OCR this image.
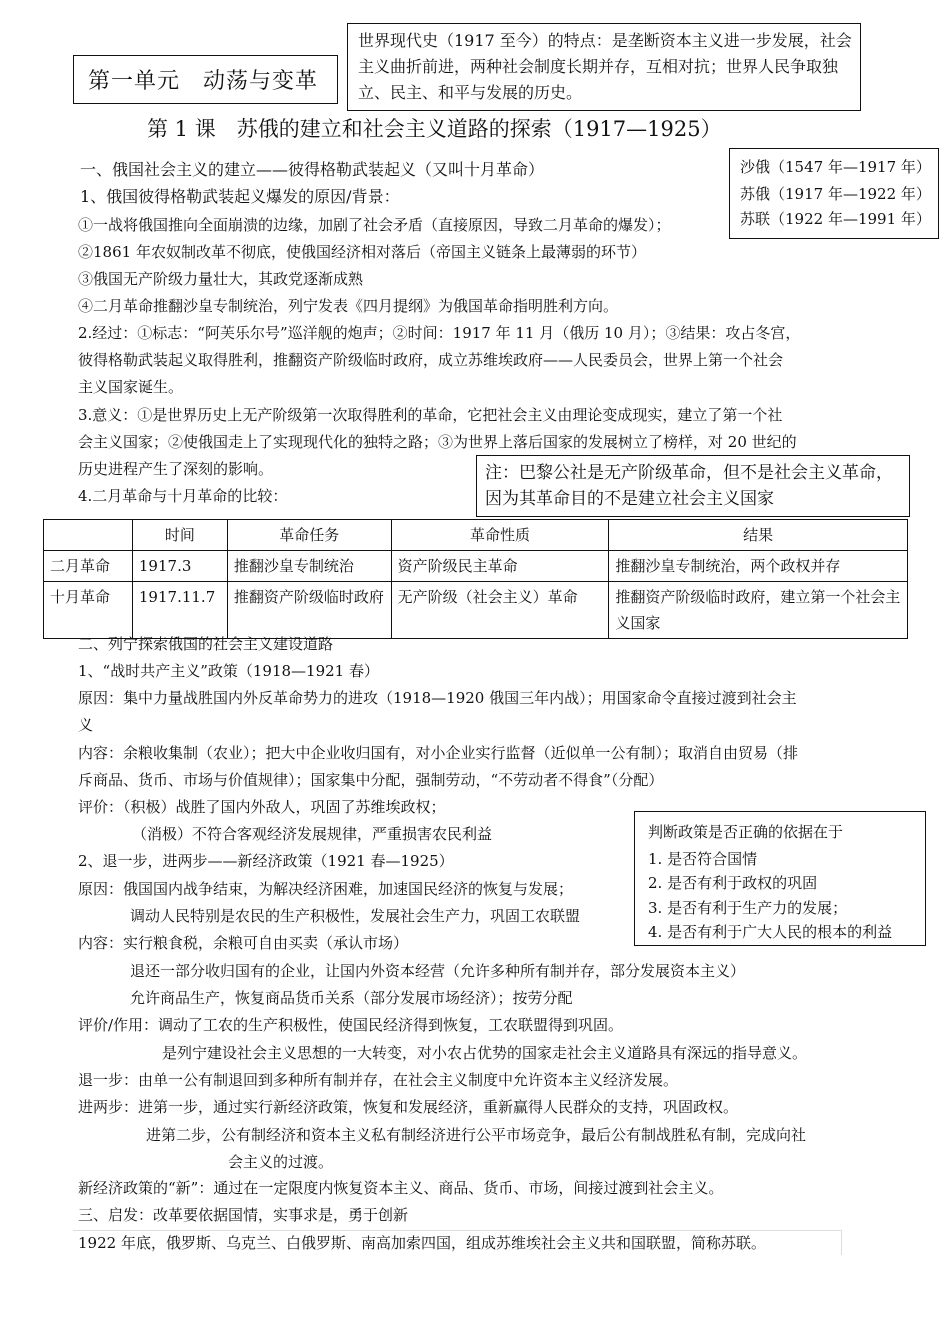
第一单元　动荡与变革
世界现代史（1917 至今）的特点：是垄断资本主义进一步发展，社会主义曲折前进，两种社会制度长期并存，互相对抗；世界人民争取独立、民主、和平与发展的历史。
第 1 课　苏俄的建立和社会主义道路的探索（1917—1925）
沙俄（1547 年—1917 年）
苏俄（1917 年—1922 年）
苏联（1922 年—1991 年）
一、俄国社会主义的建立——彼得格勒武装起义（又叫十月革命）
1、俄国彼得格勒武装起义爆发的原因/背景：
①一战将俄国推向全面崩溃的边缘，加剧了社会矛盾（直接原因，导致二月革命的爆发）；
②1861 年农奴制改革不彻底，使俄国经济相对落后（帝国主义链条上最薄弱的环节）
③俄国无产阶级力量壮大，其政党逐渐成熟
④二月革命推翻沙皇专制统治，列宁发表《四月提纲》为俄国革命指明胜利方向。
2.经过：①标志：“阿芙乐尔号”巡洋舰的炮声；②时间：1917 年 11 月（俄历 10 月）；③结果：攻占冬宫，
彼得格勒武装起义取得胜利，推翻资产阶级临时政府，成立苏维埃政府——人民委员会，世界上第一个社会
主义国家诞生。
3.意义：①是世界历史上无产阶级第一次取得胜利的革命，它把社会主义由理论变成现实，建立了第一个社
会主义国家；②使俄国走上了实现现代化的独特之路；③为世界上落后国家的发展树立了榜样，对 20 世纪的
历史进程产生了深刻的影响。
4.二月革命与十月革命的比较：
注：巴黎公社是无产阶级革命，但不是社会主义革命，因为其革命目的不是建立社会主义国家
	时间	革命任务	革命性质	结果
二月革命	1917.3	推翻沙皇专制统治	资产阶级民主革命	推翻沙皇专制统治，两个政权并存
十月革命	1917.11.7	推翻资产阶级临时政府	无产阶级（社会主义）革命	推翻资产阶级临时政府，建立第一个社会主义国家
二、列宁探索俄国的社会主义建设道路
1、“战时共产主义”政策（1918—1921 春）
原因：集中力量战胜国内外反革命势力的进攻（1918—1920 俄国三年内战）；用国家命令直接过渡到社会主
义
内容：余粮收集制（农业）；把大中企业收归国有，对小企业实行监督（近似单一公有制）；取消自由贸易（排
斥商品、货币、市场与价值规律）；国家集中分配，强制劳动，“不劳动者不得食”（分配）
评价：（积极）战胜了国内外敌人，巩固了苏维埃政权；
（消极）不符合客观经济发展规律，严重损害农民利益
2、退一步，进两步——新经济政策（1921 春—1925）
原因：俄国国内战争结束，为解决经济困难，加速国民经济的恢复与发展；
调动人民特别是农民的生产积极性，发展社会生产力，巩固工农联盟
内容：实行粮食税，余粮可自由买卖（承认市场）
退还一部分收归国有的企业，让国内外资本经营（允许多种所有制并存，部分发展资本主义）
允许商品生产，恢复商品货币关系（部分发展市场经济）；按劳分配
评价/作用：调动了工农的生产积极性，使国民经济得到恢复，工农联盟得到巩固。
是列宁建设社会主义思想的一大转变，对小农占优势的国家走社会主义道路具有深远的指导意义。
退一步：由单一公有制退回到多种所有制并存，在社会主义制度中允许资本主义经济发展。
进两步：进第一步，通过实行新经济政策，恢复和发展经济，重新赢得人民群众的支持，巩固政权。
进第二步，公有制经济和资本主义私有制经济进行公平市场竞争，最后公有制战胜私有制，完成向社
会主义的过渡。
新经济政策的“新”：通过在一定限度内恢复资本主义、商品、货币、市场，间接过渡到社会主义。
三、启发：改革要依据国情，实事求是，勇于创新
1922 年底，俄罗斯、乌克兰、白俄罗斯、南高加索四国，组成苏维埃社会主义共和国联盟，简称苏联。
判断政策是否正确的依据在于
1. 是否符合国情
2. 是否有利于政权的巩固
3. 是否有利于生产力的发展；
4. 是否有利于广大人民的根本的利益
